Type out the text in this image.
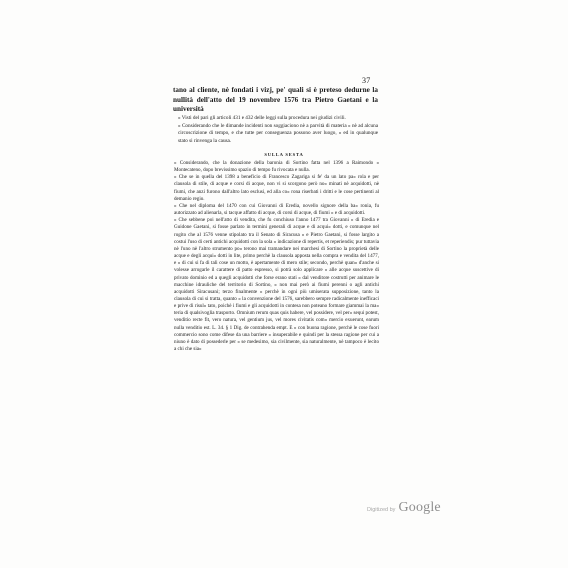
37

tano al cliente, nè fondati i vizj, pe' quali si è preteso dedurne la nullità dell'atto del 19 novembre 1576 tra Pietro Gaetani e la università

» Visti del pari gli articoli 431 e 432 delle leggi sulla procedura nei giudizi civili.

» Considerando che le dimande incidenti non soggiaciono nè a parvità di materia » nè ad alcuna circoscrizione di tempo, e che tutte per conseguenza possono aver luogo, » ed in qualunque stato si rinvenga la causa.

SULLA SESTA

» Considerando, che la donazione della baronia di Sortino fatta nel 1396 a Raimondo » Montecateno, dopo brevissimo spazio di tempo fu rivocata e nulla.

» Che se in quella del 1398 a beneficio di Francesco Zagariga si fe' da un lato pa» rola e per clausola di stile, di acque e corsi di acque, non vi si scorgono però no» minati nè acquidotti, nè fiumi, che anzi furono dall'altro lato esclusi, ed alla co» rona riserbati i dritti e le cose pertinenti al demanio regio.

» Che nel diploma del 1470 con cui Giovanni di Eredia, novello signore della ba» ronia, fu autorizzato ad alienarla, si tacque affatto di acque, di corsi di acque, di fiumi » e di acquidotti.

» Che sebbene poi nell'atto di vendita, che fu conchiuso l'anno 1477 tra Giovanni » di Eredia e Guidone Gaetani, si fosse parlato in termini generali di acque e di acqui» dotti, e comunque nel rogito che al 1576 venne stipolato tra il Senato di Siracusa » e Pietro Gaetani, si fosse largito a costui l'uso di certi antichi acquidotti con la sola » indicazione di repertis, et reperiendis; pur tuttavia nè l'uno nè l'altro strumento po» terono mai tramandare nei marchesi di Sortino la proprietà delle acque e degli acqui» dotti in lite, primo perchè la clausola apposta nella compra e vendita del 1477, e » di cui si fa di tali cose un motto, è apertamente di mero stile; secondo, perchè quan» d'anche si volesse arrogarle il carattere di patto espresso, si potrà solo applicare » alle acque suscettive di privato dominio ed a quegli acquidotti che forse erano stati » dal venditore costrutti per animare le macchine idrauliche del territorio di Sortino, » non mai però ai fiumi perenni o agli antichi acquidotti Siracusani; terzo finalmente » perchè in ogni più umiserata supposizione, tanto la clausola di cui si tratta, quanto » la convenzione del 1576, sarebbero sempre radicalmente inefficaci e prive di risul» tato, poichè i fiumi e gli acquidotti in contesa non poteano formare giammai la ma» teria di qualsivoglia trasporto. Omnium rerum quas quis habere, vel possidere, vel per» sequi potest, venditio recte fit, vero natura, vel gentium jus, vel mores civitatis com» mercio exuerunt, earum nulla venditio est. L. 34. § 1 Dig. de contrahenda empt. E » con buona ragione, perchè le cose fuori commercio sono come difese da una barriere » insuperabile e quindi per la stessa ragione per cui a niuno è dato di possederle per » se medesimo, sia civilmente, sia naturalmente, nè tampoco è lecito a chi che sia»

Digitized by Google
